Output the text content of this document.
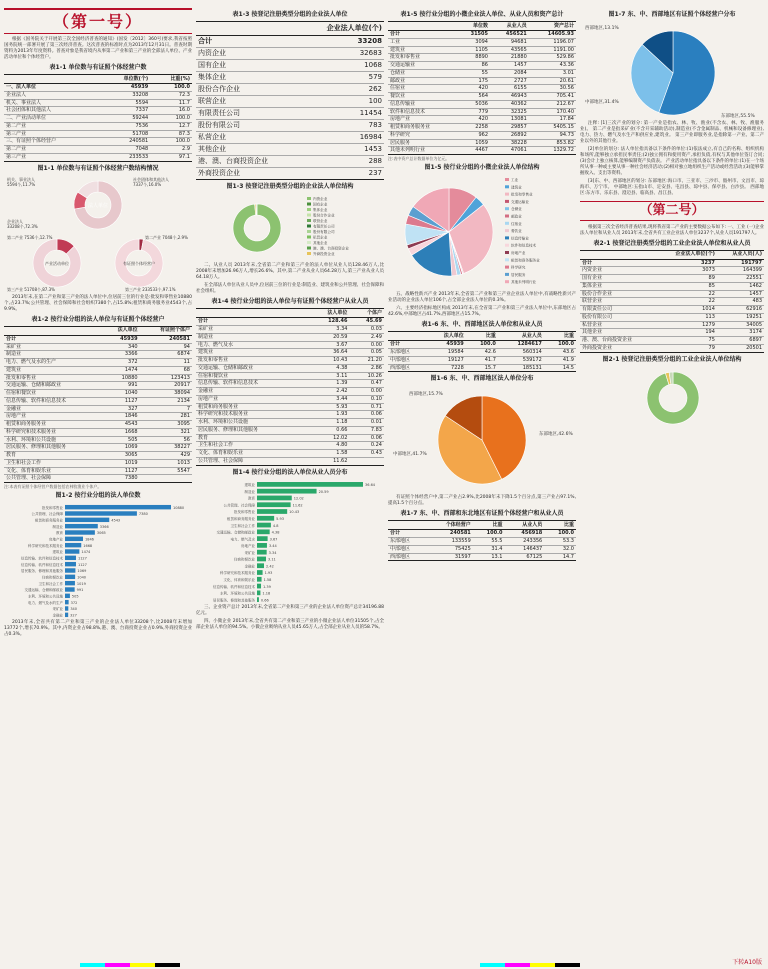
（第一号）

根据《国务院关于开展第三次全国经济普查的通知》(国发〔2012〕360号)要求,我省按照国务院统一部署开展了第三次经济普查。这次普查的标准时点为2013年12月31日。普查时期资料为2013年年度资料。普查对象是我省境内从事第二产业和第三产业的全部法人单位、产业活动单位和个体经营户。

表1-1 单位数与有证照个体经营户数
	单位数(个)	比重(%)
一、法人单位	45939	100.0
企业法人	33208	72.3
机关、事业法人	5594	11.7
社会团体和其他法人	7337	16.0
二、产业活动单位	59244	100.0
第二产业	7536	12.7
第三产业	51708	87.3
三、有证照个体经营户	240581	100.0
第二产业	7048	2.9
第三产业	233533	97.1
图1-1 单位数与有证照个体经营户数结构情况
法人单位
产业活动单位	有证照个体经营户
机关、事业法人
5594个,11.7%
社会团体和其他法人
7337个,16.0%
企业法人
33208个,72.3%
第二产业 7536个,12.7%	第二产业 7048个,2.9%
第三产业 51708个,87.3%	第三产业 233533个,97.1%

2013年末,在第二产业和第三产业的法人单位中,位居前三位的行业是:批发和零售业10880个,占23.7%;公共管理、社会保障和社会组织7380个,占15.8%;租赁和商务服务业4543个,占9.9%。

表1-2 按行业分组的法人单位与有证照个体经营户
	法人单位	有证照个体户
合计	45939	240581
采矿业	340	94
制造业	3366	6874
电力、燃气及水的生产	372	11
建筑业	1474	68
批发和零售业	10880	123413
交通运输、仓储和邮政业	991	20917
住宿和餐饮业	1040	38094
信息传输、软件和信息技术	1127	2134
金融业	327	7
房地产业	1846	281
租赁和商务服务业	4543	3095
科学研究和技术服务业	1668	321
水利、环境和公共设施	505	56
居民服务、修理和其他服务	1069	38227
教育	3065	429
卫生和社会工作	1019	1013
文化、体育和娱乐业	1127	5547
公共管理、社会保障	7380	
注:本表有证照个体经营户数据包括农林牧渔业个体户。
图1-2 按行业分组的法人单位数
批发和零售业	10880
公共管理、社会保障	7380
租赁和商务服务业	4543
制造业	3366
教育	3065
房地产业	1846
科学研究和技术服务业	1668
建筑业	1474
信息传输、软件和信息技术	1127
信息传输、软件和信息技术	1127
居民服务、修理和其他服务	1069
住宿和餐饮业	1040
卫生和社会工作	1019
交通运输、仓储和邮政业	991
水利、环境和公共设施	505
电力、燃气及水的生产 372
采矿业 340
金融业 327

2013年末,全省共有第二产业和第三产业的企业法人单位33208个,比2008年末增加13772个,增长70.9%。其中,内资企业占98.8%,港、澳、台商投资企业占0.9%,外商投资企业占0.3%。

表1-3 按登记注册类型分组的企业法人单位
	企业法人单位(个)
合计	33208
内资企业	32683
国有企业	1068
集体企业	579
股份合作企业	262
联营企业	100
有限责任公司	11454
股份有限公司	783
私营企业	16984
其他企业	1453
港、澳、台商投资企业	288
外商投资企业	237
图1-3 按登记注册类型分组的企业法人单位结构
内资企业
国有企业
集体企业
股份合作企业
联营企业
有限责任公司
股份有限公司
私营企业
其他企业
港、澳、台商投资企业
外商投资企业

二、从业人员 2013年末,全省第二产业和第三产业的法人单位从业人员128.46万人,比2008年末增加26.96万人,增长26.6%。其中,第二产业从业人员64.28万人,第三产业从业人员64.18万人。

在全部法人单位从业人员中,位居前三位的行业是:制造业、建筑业和公共管理、社会保障和社会组织。

表1-4 按行业分组的法人单位与有证照个体经营户从业人员
	法人单位	个体户
合计	128.46	45.69
采矿业	3.34	0.03
制造业	20.59	2.49
电力、燃气及水	3.67	0.00
建筑业	36.64	0.05
批发和零售业	10.43	21.20
交通运输、仓储和邮政业	4.38	2.86
住宿和餐饮业	3.11	10.26
信息传输、软件和信息技术	1.39	0.47
金融业	2.42	0.00
房地产业	3.44	0.10
租赁和商务服务业	5.93	0.71
科学研究和技术服务业	1.93	0.06
水利、环境和公共设施	1.18	0.01
居民服务、修理和其他服务	0.66	7.83
教育	12.02	0.06
卫生和社会工作	4.80	0.24
文化、体育和娱乐业	1.58	0.43
公共管理、社会保障	11.62	
图1-4 按行业分组的法人单位从业人员分布
建筑业	36.64
制造业	20.59
教育	12.02
公共管理、社会保障	11.62
批发和零售业	10.43
租赁和商务服务业	5.93
卫生和社会工作	4.8
交通运输、仓储和邮政业	4.38
电力、燃气及水	3.67
房地产业	3.44
采矿业	3.34
住宿和餐饮业	3.11
金融业	2.42
科学研究和技术服务业	1.93
文化、体育和娱乐业 1.58
信息传输、软件和信息技术 1.39
水利、环境和公共设施 1.18
居民服务、修理和其他服务 0.66

三、企业资产总计 2013年末,全省第二产业和第三产业的企业法人单位资产总计34196.88亿元。

四、小微企业 2013年末,全省共有第二产业和第三产业的小微企业法人单位31505个,占全部企业法人单位的94.5%。小微企业吸纳从业人员45.65万人,占全部企业从业人员的58.7%。

表1-5 按行业分组的小微企业法人单位、从业人员和资产总计
	单位数	从业人员	资产总计
合计	31505	456521	14605.93
工业	3094	94681	1196.07
建筑业	1105	43565	1191.00
批发和零售业	8890	21880	529.86
交通运输业	86	1457	43.36
仓储业	55	2084	3.01
邮政业	175	2727	20.61
住宿业	420	6155	30.56
餐饮业	564	46943	705.41
信息传输业	5036	40362	212.67
软件和信息技术	779	32325	170.40
房地产业	420	13081	17.84
租赁和商务服务业	2258	29857	5405.15
科学研究	962	26892	94.73
居民服务	1059	38228	853.82
其他未列明行业	4467	47061	1329.72
注:表中资产总计数据单位为亿元。
图1-5 按行业分组的小微企业法人单位结构
工业
建筑业
批发和零售业
交通运输业
仓储业
邮政业
住宿业
餐饮业
信息传输业
软件和信息技术
房地产业
租赁和商务服务业
科学研究
居民服务
其他未列明行业

五、战略性新兴产业 2013年末,全省第二产业和第三产业企业法人单位中,有战略性新兴产业活动的企业法人单位106个,占全部企业法人单位的0.3%。

六、主要经济指标地区构成 2013年末,在全省第二产业和第三产业法人单位中,东部地区占42.6%,中部地区占41.7%,西部地区占15.7%。

表1-6 东、中、西部地区法人单位和从业人员
	法人单位	比重	从业人员	比重
合计	45939	100.0	1284617	100.0
东部地区	19584	42.6	560314	43.6
中部地区	19127	41.7	539172	41.9
西部地区	7228	15.7	185131	14.5
图1-6 东、中、西部地区法人单位分布
东部地区,42.6%
中部地区,41.7%
西部地区,15.7%

有证照个体经营户中,第二产业占2.9%,比2008年末下降1.5个百分点,第三产业占97.1%,提高1.5个百分点。

表1-7 东、中、西部和东北地区有证照个体经营户和从业人员
	个体经营户	比重	从业人员	比重
合计	240581	100.0	456918	100.0
东部地区	133559	55.5	243356	53.3
中部地区	75425	31.4	146437	32.0
西部地区	31597	13.1	67125	14.7
图1-7 东、中、西部地区有证照个体经营户分布
西部地区,13.1%
中部地区,31.4%
东部地区,55.5%

注释: [1]三次产业的划分: 第一产业是指农、林、牧、渔业(不含农、林、牧、渔服务业)。 第二产业是指采矿业(不含开采辅助活动),制造业(不含金属制品、机械和设备修理业),电力、热力、燃气及水生产和供应业,建筑业。 第三产业即服务业,是指除第一产业、第二产业以外的其他行业。

[2]单位的划分: 法人单位指具备以下条件的单位:(1)依法成立,有自己的名称、组织机构和场所,能够独立承担民事责任;(2)独立拥有和使用资产,承担负债,有权与其他单位签订合同;(3)会计上独立核算,能够编制资产负债表。 产业活动单位指具备以下条件的单位:(1)在一个场所从事一种或主要从事一种社会经济活动;(2)相对独立地组织生产活动或经营活动;(3)能够掌握收入、支出等资料。

[3]东、中、西部地区的划分: 东部地区:海口市、三亚市、三沙市、儋州市、文昌市、琼海市、万宁市。 中部地区:五指山市、定安县、屯昌县、琼中县、保亭县、白沙县。 西部地区:东方市、乐东县、澄迈县、临高县、昌江县。

（第二号）

根据第三次全省经济普查结果,现将我省第二产业的主要数据公布如下: 一、工业 (一)企业法人单位和从业人员 2013年末,全省共有工业企业法人单位3237个,从业人员191797人。

表2-1 按登记注册类型分组的工业企业法人单位和从业人员
	企业法人单位(个)	从业人员(人)
合计	3237	191797
内资企业	3073	164399
国有企业	89	22551
集体企业	85	1462
股份合作企业	22	1457
联营企业	22	483
有限责任公司	1014	62916
股份有限公司	113	19251
私营企业	1279	34005
其他企业	194	3174
港、澳、台商投资企业	75	6897
外商投资企业	79	20501
图2-1 按登记注册类型分组的工业企业法人单位结构
下转A10版
